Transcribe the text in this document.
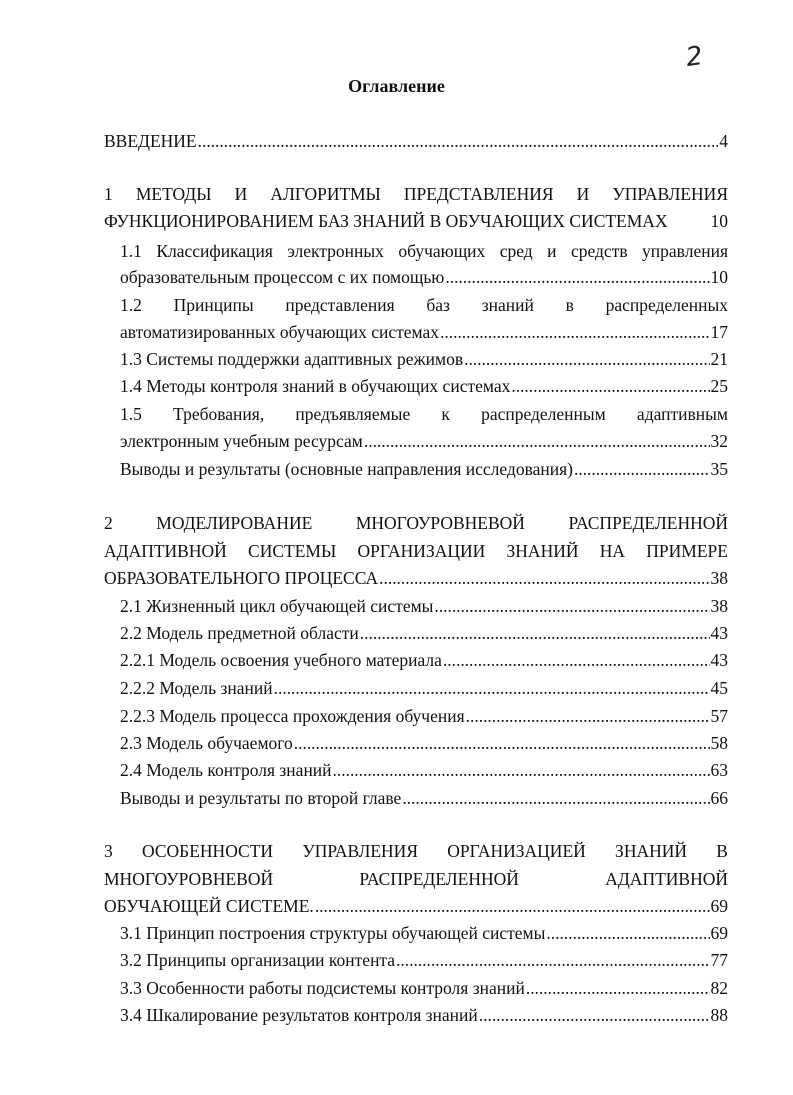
2
Оглавление
ВВЕДЕНИЕ . . .	4
1 МЕТОДЫ И АЛГОРИТМЫ ПРЕДСТАВЛЕНИЯ И УПРАВЛЕНИЯ
ФУНКЦИОНИРОВАНИЕМ БАЗ ЗНАНИЙ В ОБУЧАЮЩИХ СИСТЕМАХ 10
1.1 Классификация электронных обучающих сред и средств управления
образовательным процессом с их помощью . . .	10
1.2 Принципы представления баз знаний в распределенных
автоматизированных обучающих системах . . .	17
1.3 Системы поддержки адаптивных режимов . . .	21
1.4 Методы контроля знаний в обучающих системах . . .	25
1.5 Требования, предъявляемые к распределенным адаптивным
электронным учебным ресурсам . . .	32
Выводы и результаты (основные направления исследования) . . .	35
2 МОДЕЛИРОВАНИЕ МНОГОУРОВНЕВОЙ РАСПРЕДЕЛЕННОЙ
АДАПТИВНОЙ СИСТЕМЫ ОРГАНИЗАЦИИ ЗНАНИЙ НА ПРИМЕРЕ
ОБРАЗОВАТЕЛЬНОГО ПРОЦЕССА . . .	38
2.1 Жизненный цикл обучающей системы . . .	38
2.2 Модель предметной области . . .	43
2.2.1 Модель освоения учебного материала . . .	43
2.2.2 Модель знаний . . .	45
2.2.3 Модель процесса прохождения обучения . . .	57
2.3 Модель обучаемого . . .	58
2.4 Модель контроля знаний . . .	63
Выводы и результаты по второй главе . . .	66
3 ОСОБЕННОСТИ УПРАВЛЕНИЯ ОРГАНИЗАЦИЕЙ ЗНАНИЙ В
МНОГОУРОВНЕВОЙ	РАСПРЕДЕЛЕННОЙ	АДАПТИВНОЙ
ОБУЧАЮЩЕЙ СИСТЕМЕ. . . .	69
3.1 Принцип построения структуры обучающей системы . . .	69
3.2 Принципы организации контента . . .	77
3.3 Особенности работы подсистемы контроля знаний . . .	82
3.4 Шкалирование результатов контроля знаний . . .	88
